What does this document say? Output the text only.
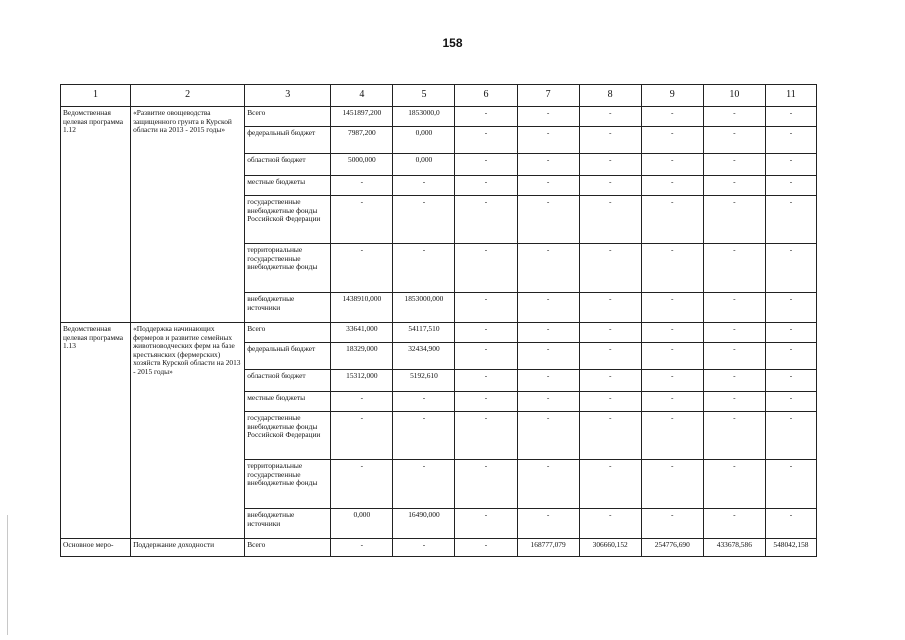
158
1	2	3	4	5	6	7	8	9	10	11
Ведомственная целевая программа 1.12	«Развитие овощеводства защищенного грунта в Курской области на 2013 - 2015 годы»	Всего	1451897,200	1853000,0	-	-	-	-	-	-
		федеральный бюджет	7987,200	0,000	-	-	-	-	-	-
		областной бюджет	5000,000	0,000	-	-	-	-	-	-
		местные бюджеты	-	-	-	-	-	-	-	-
		государственные внебюджетные фонды Российской Федерации	-	-	-	-	-	-	-	-
		территориальные государственные внебюджетные фонды	-	-	-	-	-	-	-	-
		внебюджетные источники	1438910,000	1853000,000	-	-	-	-	-	-
Ведомственная целевая программа 1.13	«Поддержка начинающих фермеров и развитие семейных животноводческих ферм на базе крестьянских (фермерских) хозяйств Курской области на 2013 - 2015 годы»	Всего	33641,000	54117,510	-	-	-	-	-	-
		федеральный бюджет	18329,000	32434,900	-	-	-	-	-	-
		областной бюджет	15312,000	5192,610	-	-	-	-	-	-
		местные бюджеты	-	-	-	-	-	-	-	-
		государственные внебюджетные фонды Российской Федерации	-	-	-	-	-	-	-	-
		территориальные государственные внебюджетные фонды	-	-	-	-	-	-	-	-
		внебюджетные источники	0,000	16490,000	-	-	-	-	-	-
Основное меро-	Поддержание доходности	Всего	-	-	-	168777,079	306660,152	254776,690	433678,586	548042,158
